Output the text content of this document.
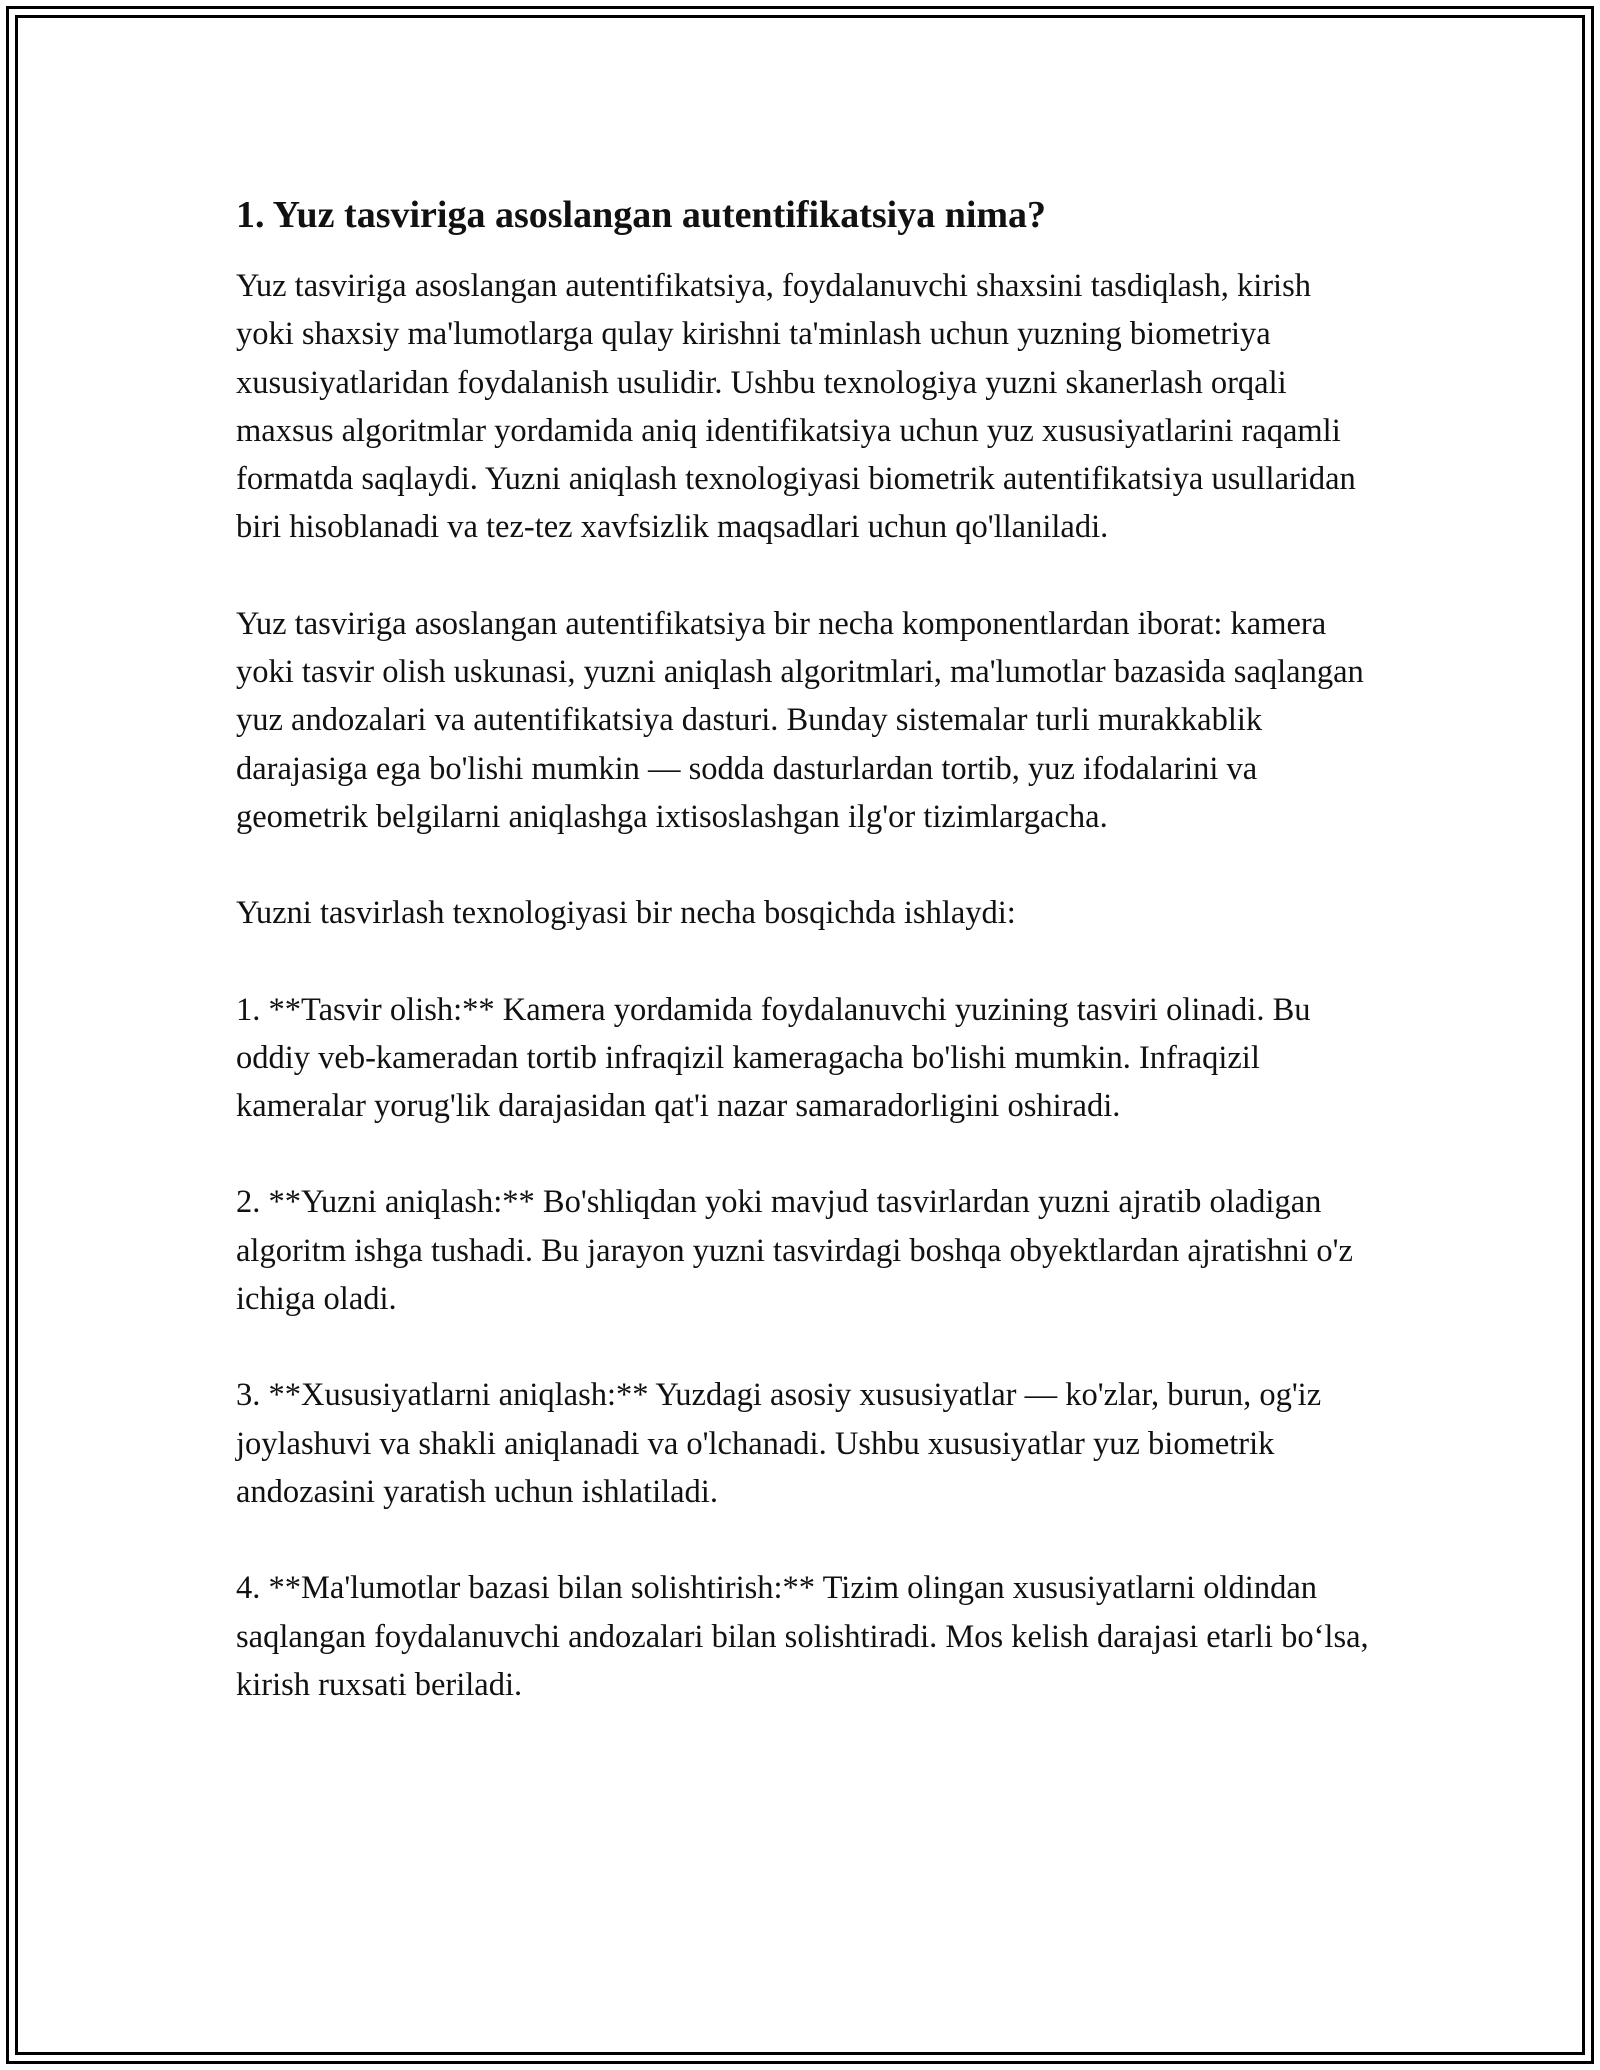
1. Yuz tasviriga asoslangan autentifikatsiya nima?

Yuz tasviriga asoslangan autentifikatsiya, foydalanuvchi shaxsini tasdiqlash, kirish yoki shaxsiy ma'lumotlarga qulay kirishni ta'minlash uchun yuzning biometriya xususiyatlaridan foydalanish usulidir. Ushbu texnologiya yuzni skanerlash orqali maxsus algoritmlar yordamida aniq identifikatsiya uchun yuz xususiyatlarini raqamli formatda saqlaydi. Yuzni aniqlash texnologiyasi biometrik autentifikatsiya usullaridan biri hisoblanadi va tez-tez xavfsizlik maqsadlari uchun qo'llaniladi.

Yuz tasviriga asoslangan autentifikatsiya bir necha komponentlardan iborat: kamera yoki tasvir olish uskunasi, yuzni aniqlash algoritmlari, ma'lumotlar bazasida saqlangan yuz andozalari va autentifikatsiya dasturi. Bunday sistemalar turli murakkablik darajasiga ega bo'lishi mumkin — sodda dasturlardan tortib, yuz ifodalarini va geometrik belgilarni aniqlashga ixtisoslashgan ilg'or tizimlargacha.

Yuzni tasvirlash texnologiyasi bir necha bosqichda ishlaydi:

1. **Tasvir olish:** Kamera yordamida foydalanuvchi yuzining tasviri olinadi. Bu oddiy veb-kameradan tortib infraqizil kameragacha bo'lishi mumkin. Infraqizil kameralar yorug'lik darajasidan qat'i nazar samaradorligini oshiradi.

2. **Yuzni aniqlash:** Bo'shliqdan yoki mavjud tasvirlardan yuzni ajratib oladigan algoritm ishga tushadi. Bu jarayon yuzni tasvirdagi boshqa obyektlardan ajratishni o'z ichiga oladi.

3. **Xususiyatlarni aniqlash:** Yuzdagi asosiy xususiyatlar — ko'zlar, burun, og'iz joylashuvi va shakli aniqlanadi va o'lchanadi. Ushbu xususiyatlar yuz biometrik andozasini yaratish uchun ishlatiladi.

4. **Ma'lumotlar bazasi bilan solishtirish:** Tizim olingan xususiyatlarni oldindan saqlangan foydalanuvchi andozalari bilan solishtiradi. Mos kelish darajasi etarli bo‘lsa, kirish ruxsati beriladi.
